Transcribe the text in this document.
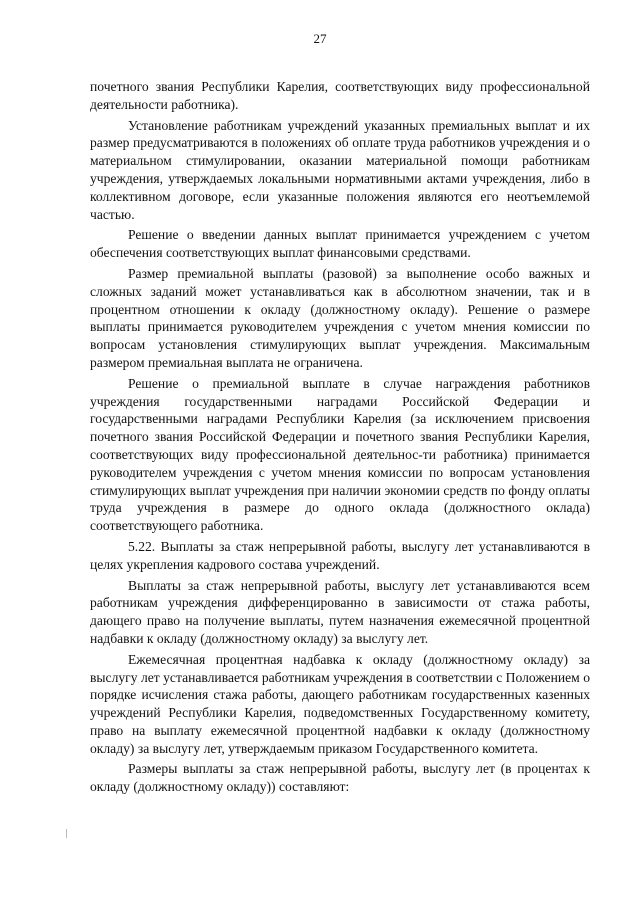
27

почетного звания Республики Карелия, соответствующих виду профессиональной деятельности работника).

Установление работникам учреждений указанных премиальных выплат и их размер предусматриваются в положениях об оплате труда работников учреждения и о материальном стимулировании, оказании материальной помощи работникам учреждения, утверждаемых локальными нормативными актами учреждения, либо в коллективном договоре, если указанные положения являются его неотъемлемой частью.

Решение о введении данных выплат принимается учреждением с учетом обеспечения соответствующих выплат финансовыми средствами.

Размер премиальной выплаты (разовой) за выполнение особо важных и сложных заданий может устанавливаться как в абсолютном значении, так и в процентном отношении к окладу (должностному окладу). Решение о размере выплаты принимается руководителем учреждения с учетом мнения комиссии по вопросам установления стимулирующих выплат учреждения. Максимальным размером премиальная выплата не ограничена.

Решение о премиальной выплате в случае награждения работников учреждения государственными наградами Российской Федерации и государственными наградами Республики Карелия (за исключением присвоения почетного звания Российской Федерации и почетного звания Республики Карелия, соответствующих виду профессиональной деятельнос-ти работника) принимается руководителем учреждения с учетом мнения комиссии по вопросам установления стимулирующих выплат учреждения при наличии экономии средств по фонду оплаты труда учреждения в размере до одного оклада (должностного оклада) соответствующего работника.

5.22. Выплаты за стаж непрерывной работы, выслугу лет устанавливаются в целях укрепления кадрового состава учреждений.

Выплаты за стаж непрерывной работы, выслугу лет устанавливаются всем работникам учреждения дифференцированно в зависимости от стажа работы, дающего право на получение выплаты, путем назначения ежемесячной процентной надбавки к окладу (должностному окладу) за выслугу лет.

Ежемесячная процентная надбавка к окладу (должностному окладу) за выслугу лет устанавливается работникам учреждения в соответствии с Положением о порядке исчисления стажа работы, дающего работникам государственных казенных учреждений Республики Карелия, подведомственных Государственному комитету, право на выплату ежемесячной процентной надбавки к окладу (должностному окладу) за выслугу лет, утверждаемым приказом Государственного комитета.

Размеры выплаты за стаж непрерывной работы, выслугу лет (в процентах к окладу (должностному окладу)) составляют:
